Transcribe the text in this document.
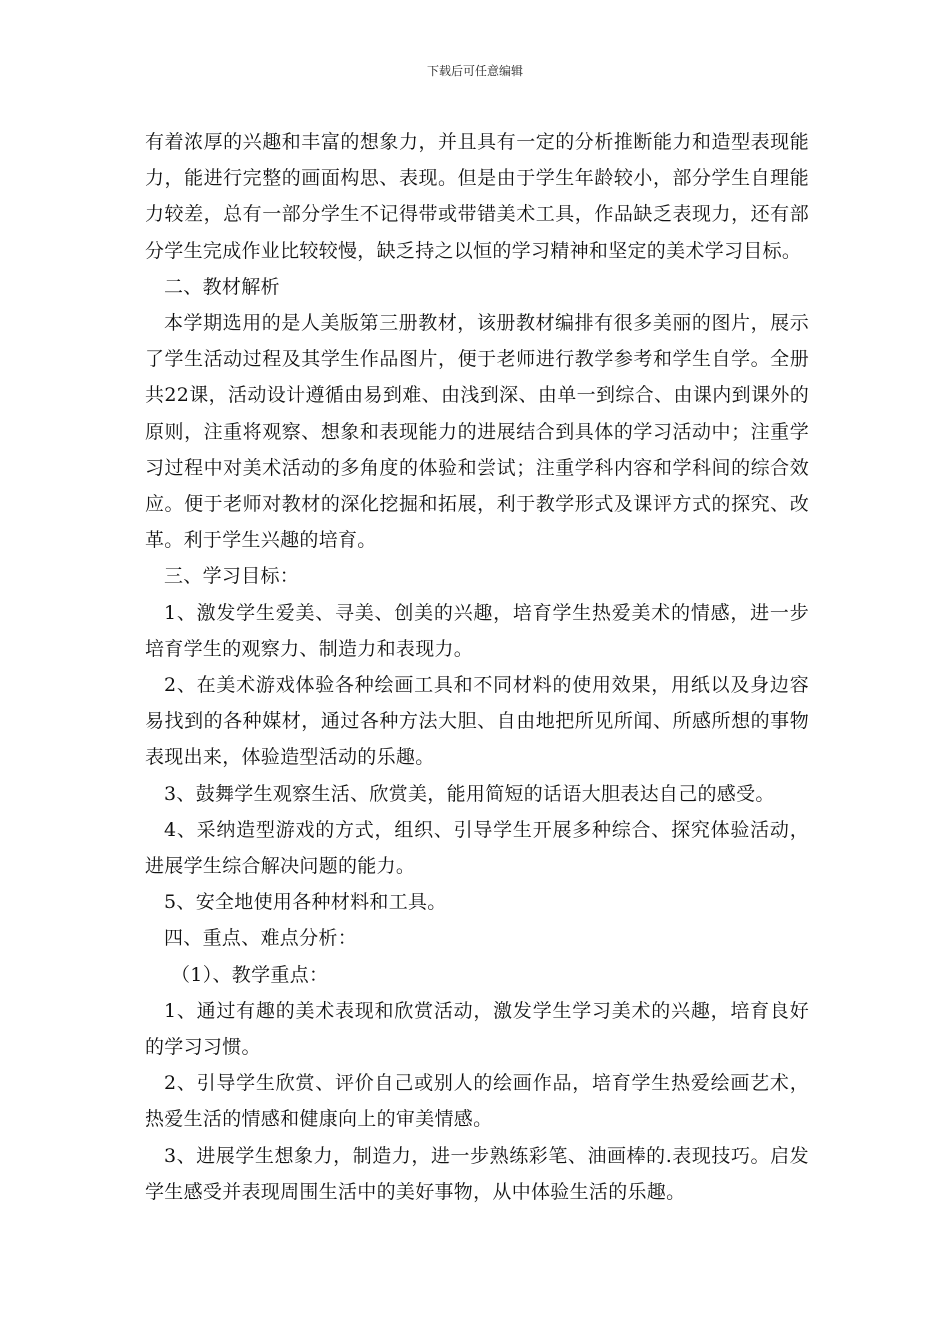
下载后可任意编辑

有着浓厚的兴趣和丰富的想象力，并且具有一定的分析推断能力和造型表现能力，能进行完整的画面构思、表现。但是由于学生年龄较小，部分学生自理能力较差，总有一部分学生不记得带或带错美术工具，作品缺乏表现力，还有部分学生完成作业比较较慢，缺乏持之以恒的学习精神和坚定的美术学习目标。

二、教材解析

本学期选用的是人美版第三册教材，该册教材编排有很多美丽的图片，展示了学生活动过程及其学生作品图片，便于老师进行教学参考和学生自学。全册共22课，活动设计遵循由易到难、由浅到深、由单一到综合、由课内到课外的原则，注重将观察、想象和表现能力的进展结合到具体的学习活动中；注重学习过程中对美术活动的多角度的体验和尝试；注重学科内容和学科间的综合效应。便于老师对教材的深化挖掘和拓展，利于教学形式及课评方式的探究、改革。利于学生兴趣的培育。

三、学习目标：

1、激发学生爱美、寻美、创美的兴趣，培育学生热爱美术的情感，进一步培育学生的观察力、制造力和表现力。

2、在美术游戏体验各种绘画工具和不同材料的使用效果，用纸以及身边容易找到的各种媒材，通过各种方法大胆、自由地把所见所闻、所感所想的事物表现出来，体验造型活动的乐趣。

3、鼓舞学生观察生活、欣赏美，能用简短的话语大胆表达自己的感受。

4、采纳造型游戏的方式，组织、引导学生开展多种综合、探究体验活动，进展学生综合解决问题的能力。

5、安全地使用各种材料和工具。

四、重点、难点分析：

（1）、教学重点：

1、通过有趣的美术表现和欣赏活动，激发学生学习美术的兴趣，培育良好的学习习惯。

2、引导学生欣赏、评价自己或别人的绘画作品，培育学生热爱绘画艺术，热爱生活的情感和健康向上的审美情感。

3、进展学生想象力，制造力，进一步熟练彩笔、油画棒的.表现技巧。启发学生感受并表现周围生活中的美好事物，从中体验生活的乐趣。
